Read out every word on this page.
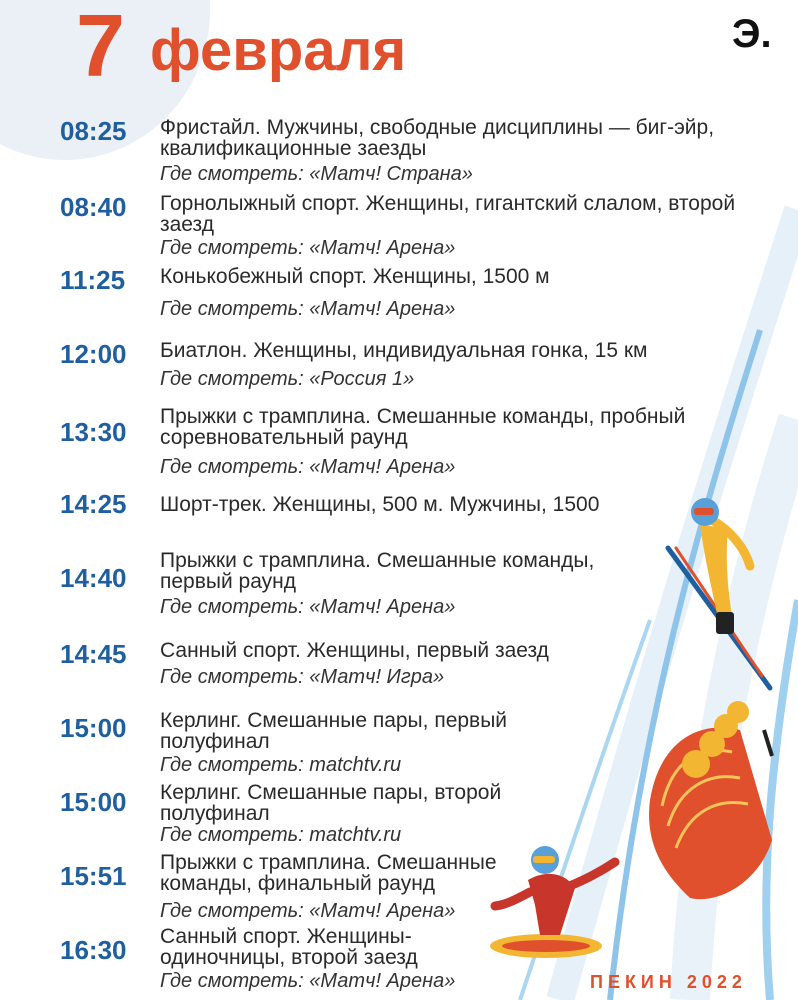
7 февраля	Э.
08:25 Фристайл. Мужчины, свободные дисциплины — биг-эйр, квалификационные заезды
Где смотреть: «Матч! Страна»
08:40 Горнолыжный спорт. Женщины, гигантский слалом, второй заезд
Где смотреть: «Матч! Арена»
11:25 Конькобежный спорт. Женщины, 1500 м
Где смотреть: «Матч! Арена»
12:00 Биатлон. Женщины, индивидуальная гонка, 15 км
Где смотреть: «Россия 1»
13:30
Прыжки с трамплина. Смешанные команды, пробный соревновательный раунд
Где смотреть: «Матч! Арена»
14:25 Шорт-трек. Женщины, 500 м. Мужчины, 1500
14:40
Прыжки с трамплина. Смешанные команды, первый раунд
Где смотреть: «Матч! Арена»
14:45 Санный спорт. Женщины, первый заезд
Где смотреть: «Матч! Игра»
15:00 Керлинг. Смешанные пары, первый полуфинал
Где смотреть: matchtv.ru
15:00 Керлинг. Смешанные пары, второй полуфинал
Где смотреть: matchtv.ru
15:51 Прыжки с трамплина. Смешанные команды, финальный раунд
Где смотреть: «Матч! Арена»
16:30 Санный спорт. Женщины-одиночницы, второй заезд
Где смотреть: «Матч! Арена»	ПЕКИН 2022
